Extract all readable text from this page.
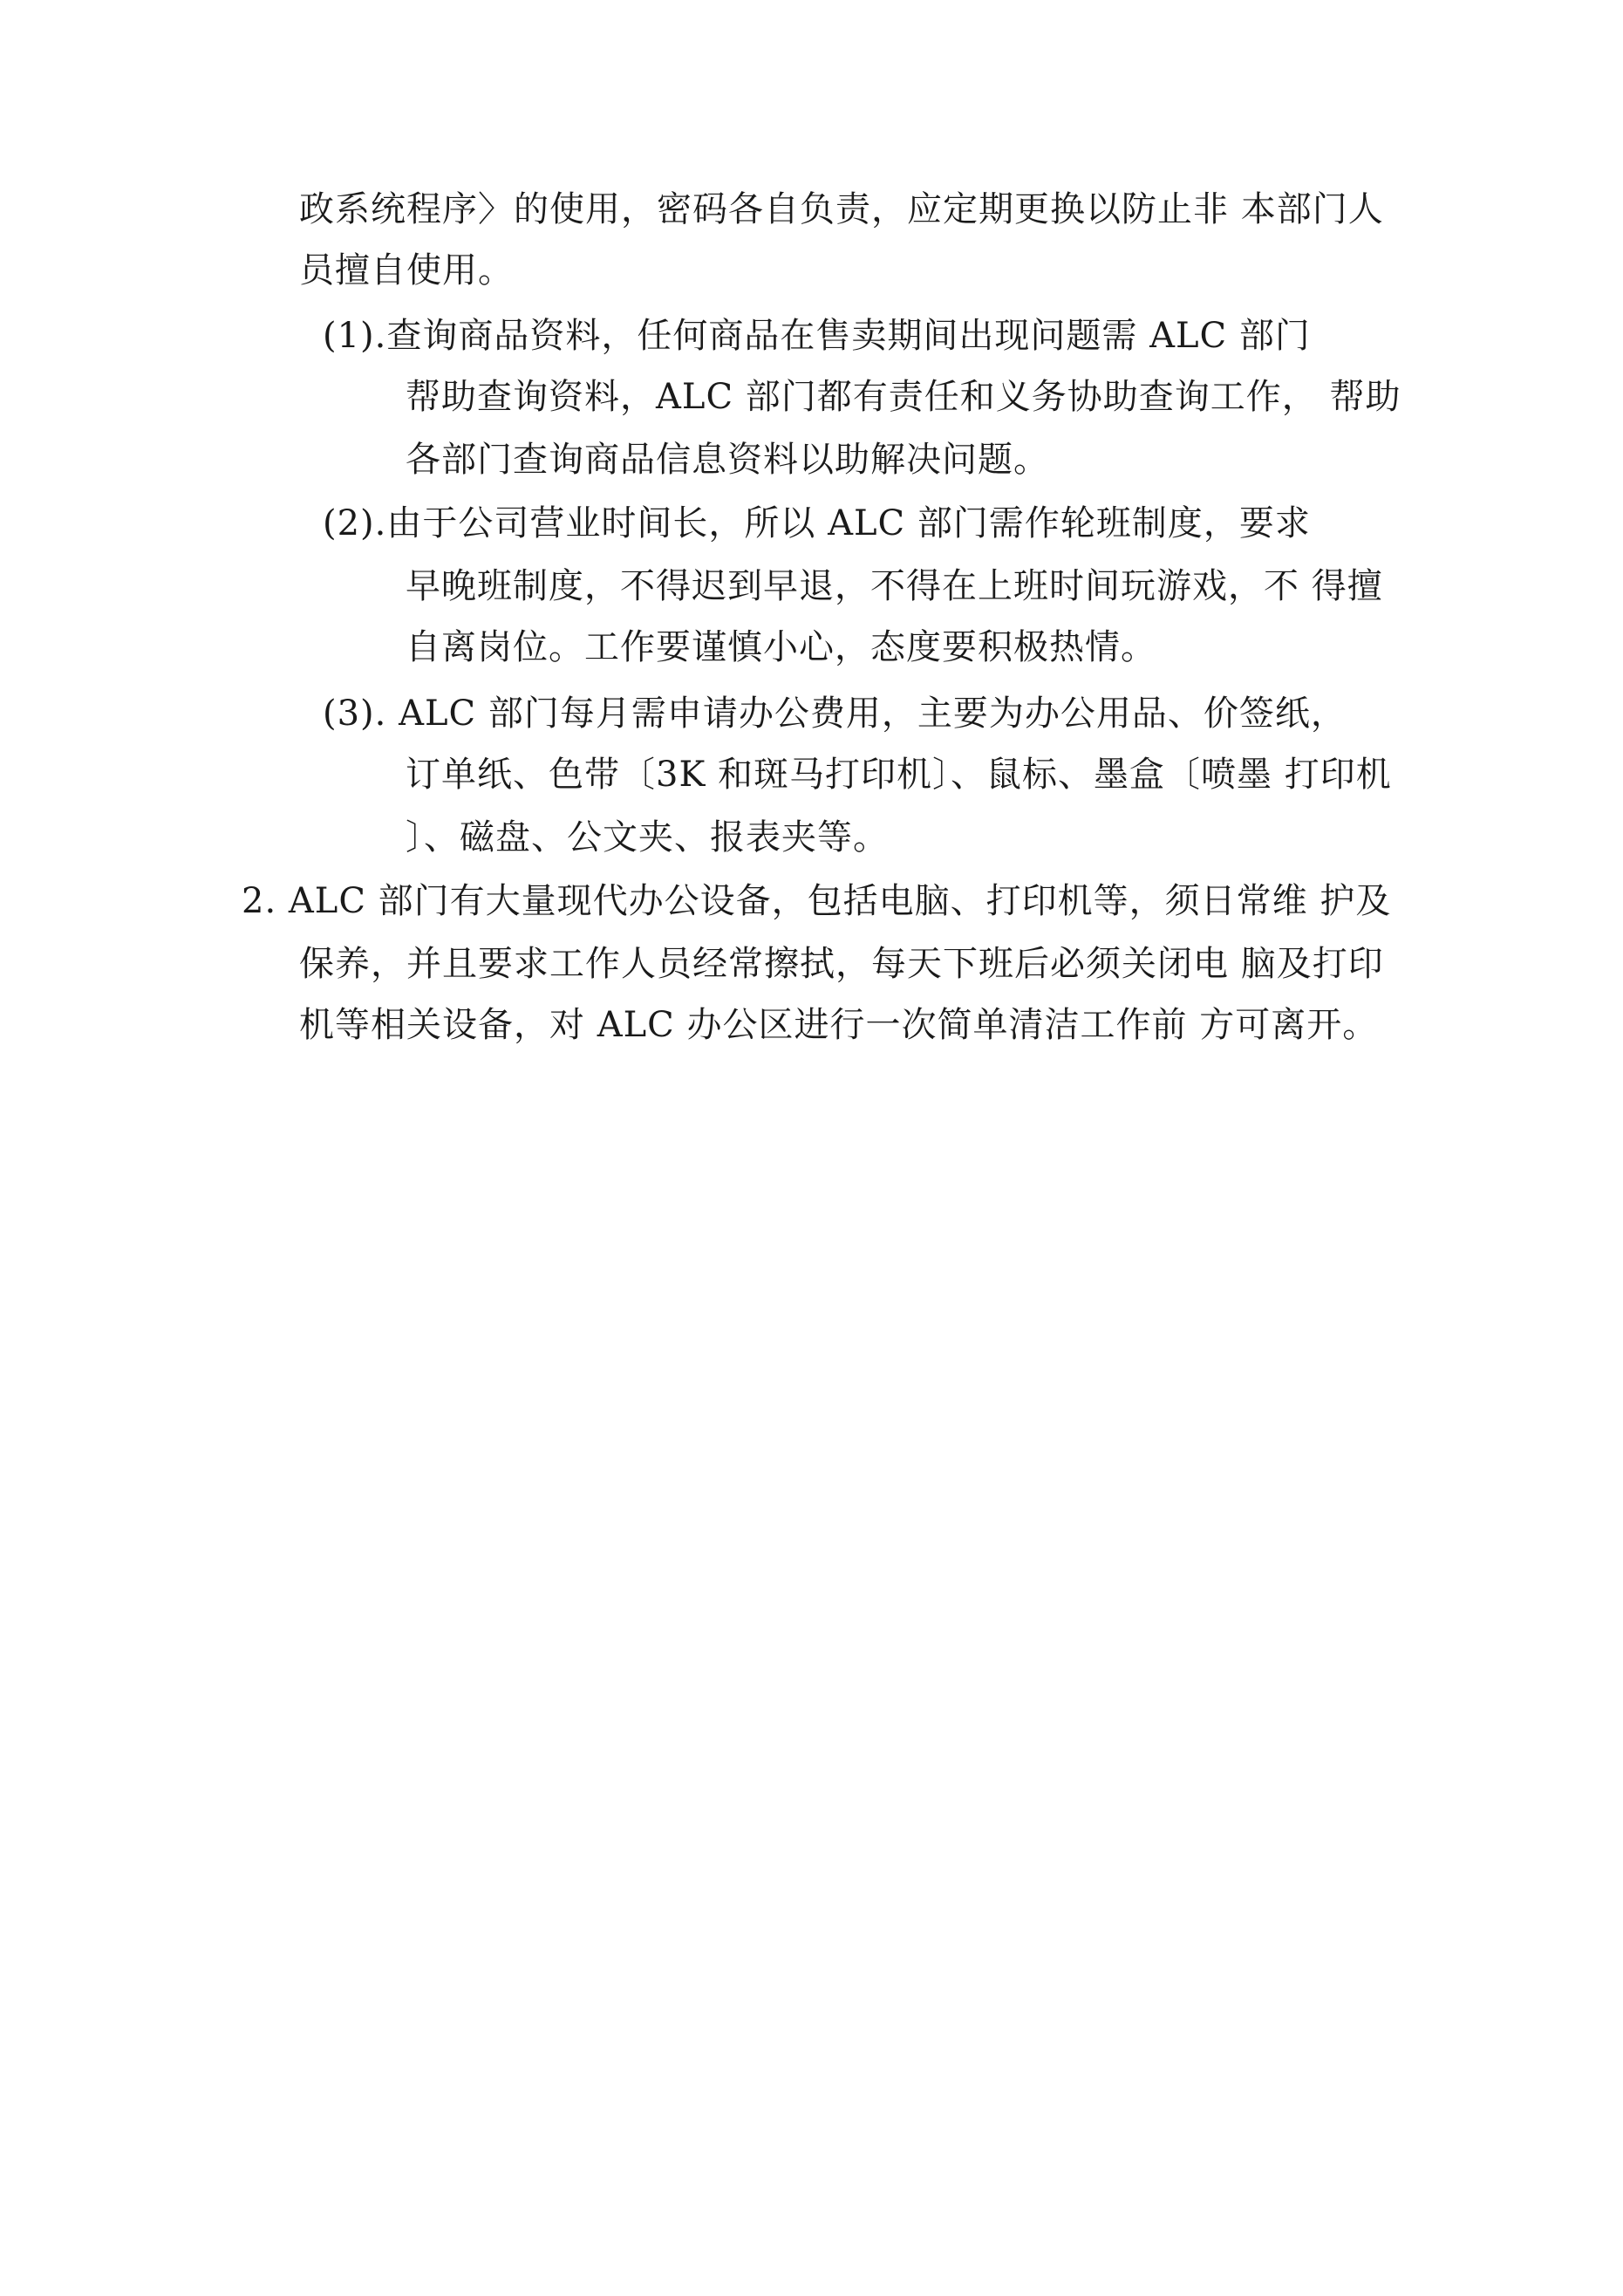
政系统程序〉的使用，密码各自负责，应定期更换以防止非 本部门人
员擅自使用。
(1).查询商品资料，任何商品在售卖期间出现问题需 ALC 部门
帮助查询资料，ALC 部门都有责任和义务协助查询工作， 帮助
各部门查询商品信息资料以助解决问题。
(2).由于公司营业时间长，所以 ALC 部门需作轮班制度，要求
早晚班制度，不得迟到早退，不得在上班时间玩游戏，不 得擅
自离岗位。工作要谨慎小心，态度要积极热情。
(3). ALC 部门每月需申请办公费用，主要为办公用品、价签纸，
订单纸、色带〔3K 和斑马打印机〕、鼠标、墨盒〔喷墨 打印机
〕、磁盘、公文夹、报表夹等。
2. ALC 部门有大量现代办公设备，包括电脑、打印机等，须日常维 护及
保养，并且要求工作人员经常擦拭，每天下班后必须关闭电 脑及打印
机等相关设备，对 ALC 办公区进行一次简单清洁工作前 方可离开。
